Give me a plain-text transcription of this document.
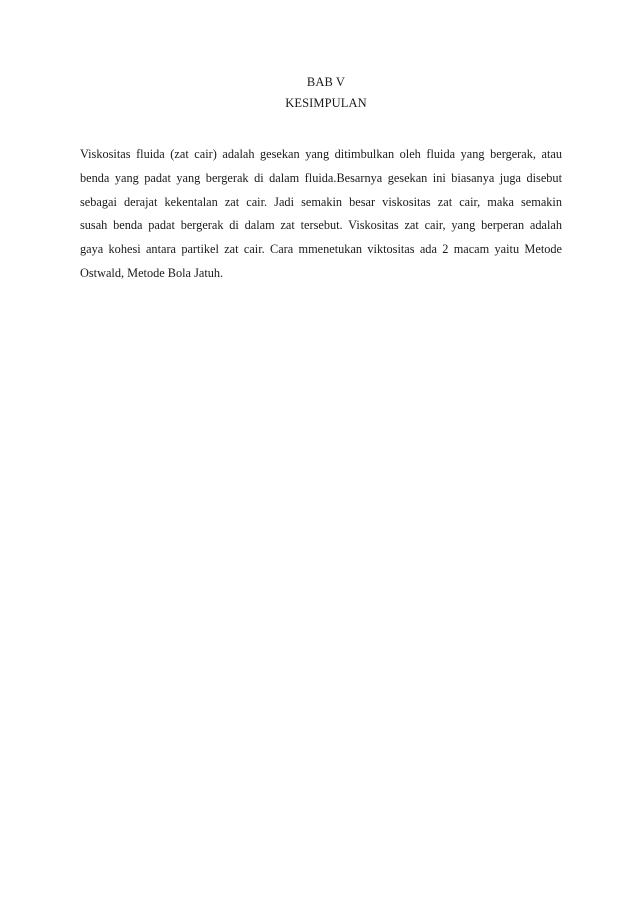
BAB V
KESIMPULAN
Viskositas fluida (zat cair) adalah gesekan yang ditimbulkan oleh fluida yang bergerak, atau
benda yang padat yang bergerak di dalam fluida.Besarnya gesekan ini biasanya juga disebut
sebagai derajat kekentalan zat cair. Jadi semakin besar viskositas zat cair, maka semakin
susah benda padat bergerak di dalam zat tersebut. Viskositas zat cair, yang berperan adalah
gaya kohesi antara partikel zat cair. Cara mmenetukan viktositas ada 2 macam yaitu Metode
Ostwald, Metode Bola Jatuh.
